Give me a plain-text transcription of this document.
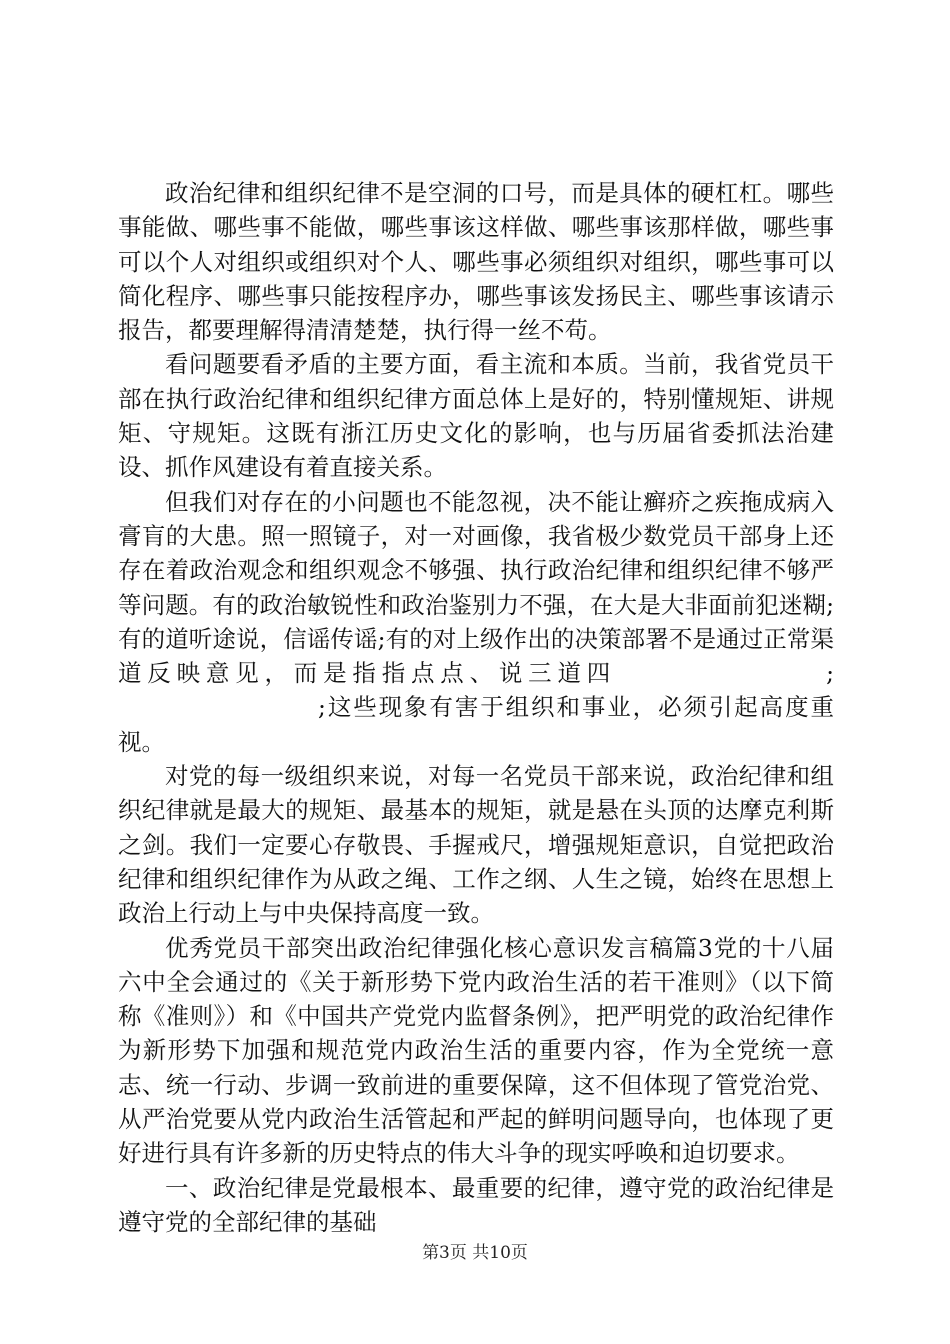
政治纪律和组织纪律不是空洞的口号，而是具体的硬杠杠。哪些事能做、哪些事不能做，哪些事该这样做、哪些事该那样做，哪些事可以个人对组织或组织对个人、哪些事必须组织对组织，哪些事可以简化程序、哪些事只能按程序办，哪些事该发扬民主、哪些事该请示报告，都要理解得清清楚楚，执行得一丝不苟。

看问题要看矛盾的主要方面，看主流和本质。当前，我省党员干部在执行政治纪律和组织纪律方面总体上是好的，特别懂规矩、讲规矩、守规矩。这既有浙江历史文化的影响，也与历届省委抓法治建设、抓作风建设有着直接关系。

但我们对存在的小问题也不能忽视，决不能让癣疥之疾拖成病入膏肓的大患。照一照镜子，对一对画像，我省极少数党员干部身上还存在着政治观念和组织观念不够强、执行政治纪律和组织纪律不够严等问题。有的政治敏锐性和政治鉴别力不强，在大是大非面前犯迷糊;有的道听途说，信谣传谣;有的对上级作出的决策部署不是通过正常渠道反映意见，而是指指点点、说三道四	;;这些现象有害于组织和事业，必须引起高度重视。

对党的每一级组织来说，对每一名党员干部来说，政治纪律和组织纪律就是最大的规矩、最基本的规矩，就是悬在头顶的达摩克利斯之剑。我们一定要心存敬畏、手握戒尺，增强规矩意识，自觉把政治纪律和组织纪律作为从政之绳、工作之纲、人生之镜，始终在思想上政治上行动上与中央保持高度一致。

优秀党员干部突出政治纪律强化核心意识发言稿篇3党的十八届六中全会通过的《关于新形势下党内政治生活的若干准则》（以下简称《准则》）和《中国共产党党内监督条例》，把严明党的政治纪律作为新形势下加强和规范党内政治生活的重要内容，作为全党统一意志、统一行动、步调一致前进的重要保障，这不但体现了管党治党、从严治党要从党内政治生活管起和严起的鲜明问题导向，也体现了更好进行具有许多新的历史特点的伟大斗争的现实呼唤和迫切要求。

一、政治纪律是党最根本、最重要的纪律，遵守党的政治纪律是遵守党的全部纪律的基础

第3页 共10页
